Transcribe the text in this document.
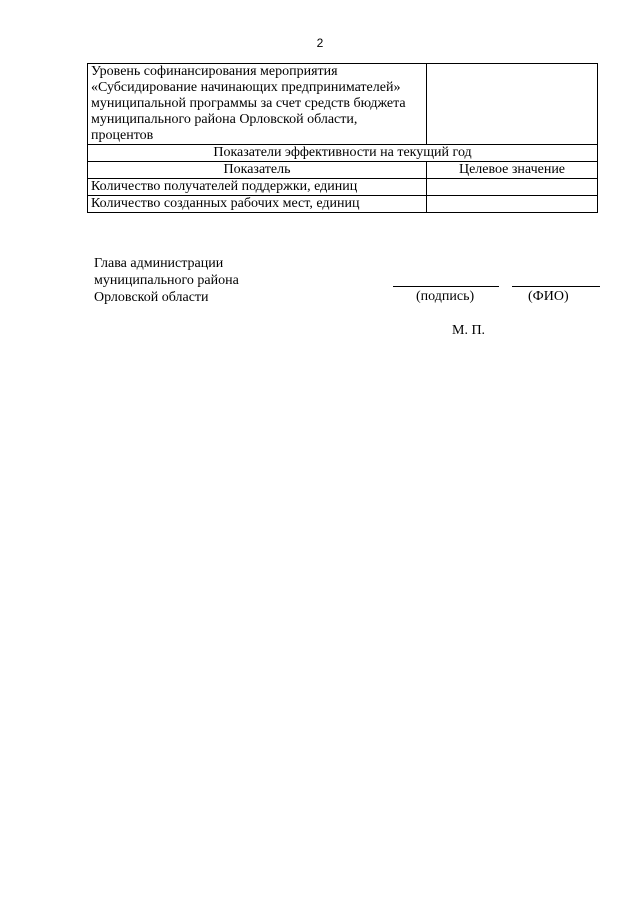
2
Уровень софинансирования мероприятия «Субсидирование начинающих предпринимателей» муниципальной программы за счет средств бюджета муниципального района Орловской области, процентов	
Показатели эффективности на текущий год	
Показатель	Целевое значение
Количество получателей поддержки, единиц	
Количество созданных рабочих мест, единиц	
Глава администрации
муниципального района
Орловской области	(подпись)	(ФИО)
М. П.
